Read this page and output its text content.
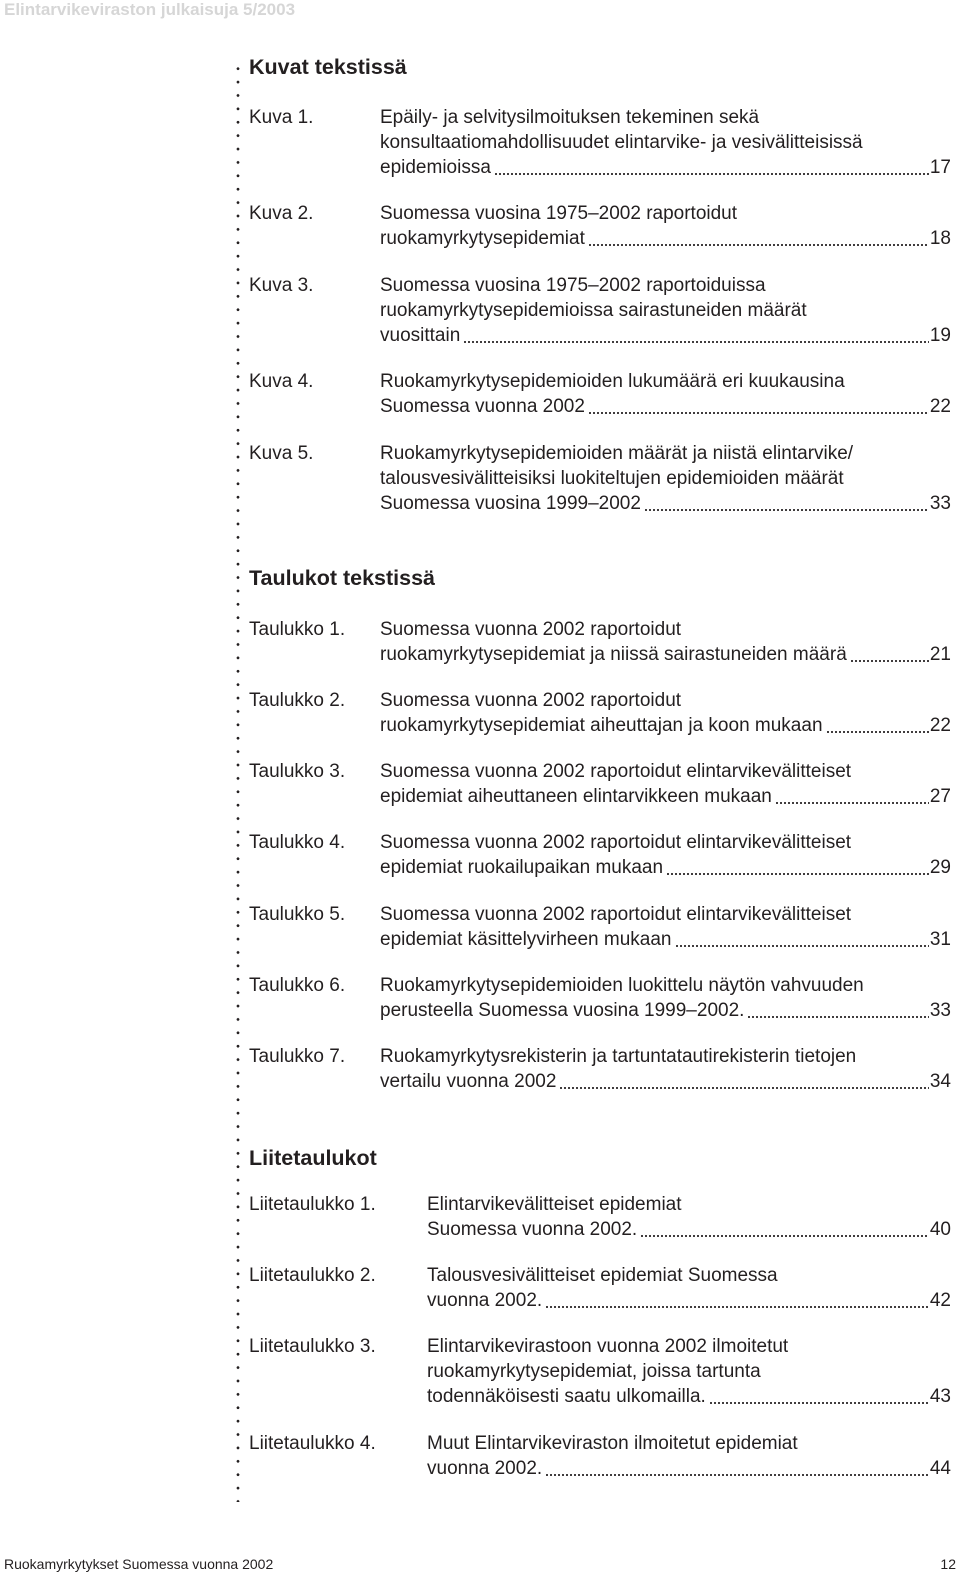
Elintarvikeviraston julkaisuja 5/2003
Kuvat tekstissä
Kuva 1.	Epäily- ja selvitysilmoituksen tekeminen sekä
konsultaatiomahdollisuudet elintarvike- ja vesivälitteisissä
epidemioissa	17
Kuva 2.	Suomessa vuosina 1975–2002 raportoidut
ruokamyrkytysepidemiat	18
Kuva 3.	Suomessa vuosina 1975–2002 raportoiduissa
ruokamyrkytysepidemioissa sairastuneiden määrät
vuosittain	19
Kuva 4.	Ruokamyrkytysepidemioiden lukumäärä eri kuukausina
Suomessa vuonna 2002	22
Kuva 5.	Ruokamyrkytysepidemioiden määrät ja niistä elintarvike/
talousvesivälitteisiksi luokiteltujen epidemioiden määrät
Suomessa vuosina 1999–2002	33
Taulukot tekstissä
Taulukko 1. Suomessa vuonna 2002 raportoidut
ruokamyrkytysepidemiat ja niissä sairastuneiden määrä	21
Taulukko 2. Suomessa vuonna 2002 raportoidut
ruokamyrkytysepidemiat aiheuttajan ja koon mukaan	22
Taulukko 3. Suomessa vuonna 2002 raportoidut elintarvikevälitteiset
epidemiat aiheuttaneen elintarvikkeen mukaan	27
Taulukko 4. Suomessa vuonna 2002 raportoidut elintarvikevälitteiset
epidemiat ruokailupaikan mukaan	29
Taulukko 5. Suomessa vuonna 2002 raportoidut elintarvikevälitteiset
epidemiat käsittelyvirheen mukaan	31
Taulukko 6. Ruokamyrkytysepidemioiden luokittelu näytön vahvuuden
perusteella Suomessa vuosina 1999–2002.	33
Taulukko 7. Ruokamyrkytysrekisterin ja tartuntatautirekisterin tietojen
vertailu vuonna 2002	34
Liitetaulukot
Liitetaulukko 1.	Elintarvikevälitteiset epidemiat
Suomessa vuonna 2002.	40
Liitetaulukko 2.	Talousvesivälitteiset epidemiat Suomessa
vuonna 2002.	42
Liitetaulukko 3.	Elintarvikevirastoon vuonna 2002 ilmoitetut
ruokamyrkytysepidemiat, joissa tartunta
todennäköisesti saatu ulkomailla.	43
Liitetaulukko 4.	Muut Elintarvikeviraston ilmoitetut epidemiat
vuonna 2002.	44
Ruokamyrkytykset Suomessa vuonna 2002	12
